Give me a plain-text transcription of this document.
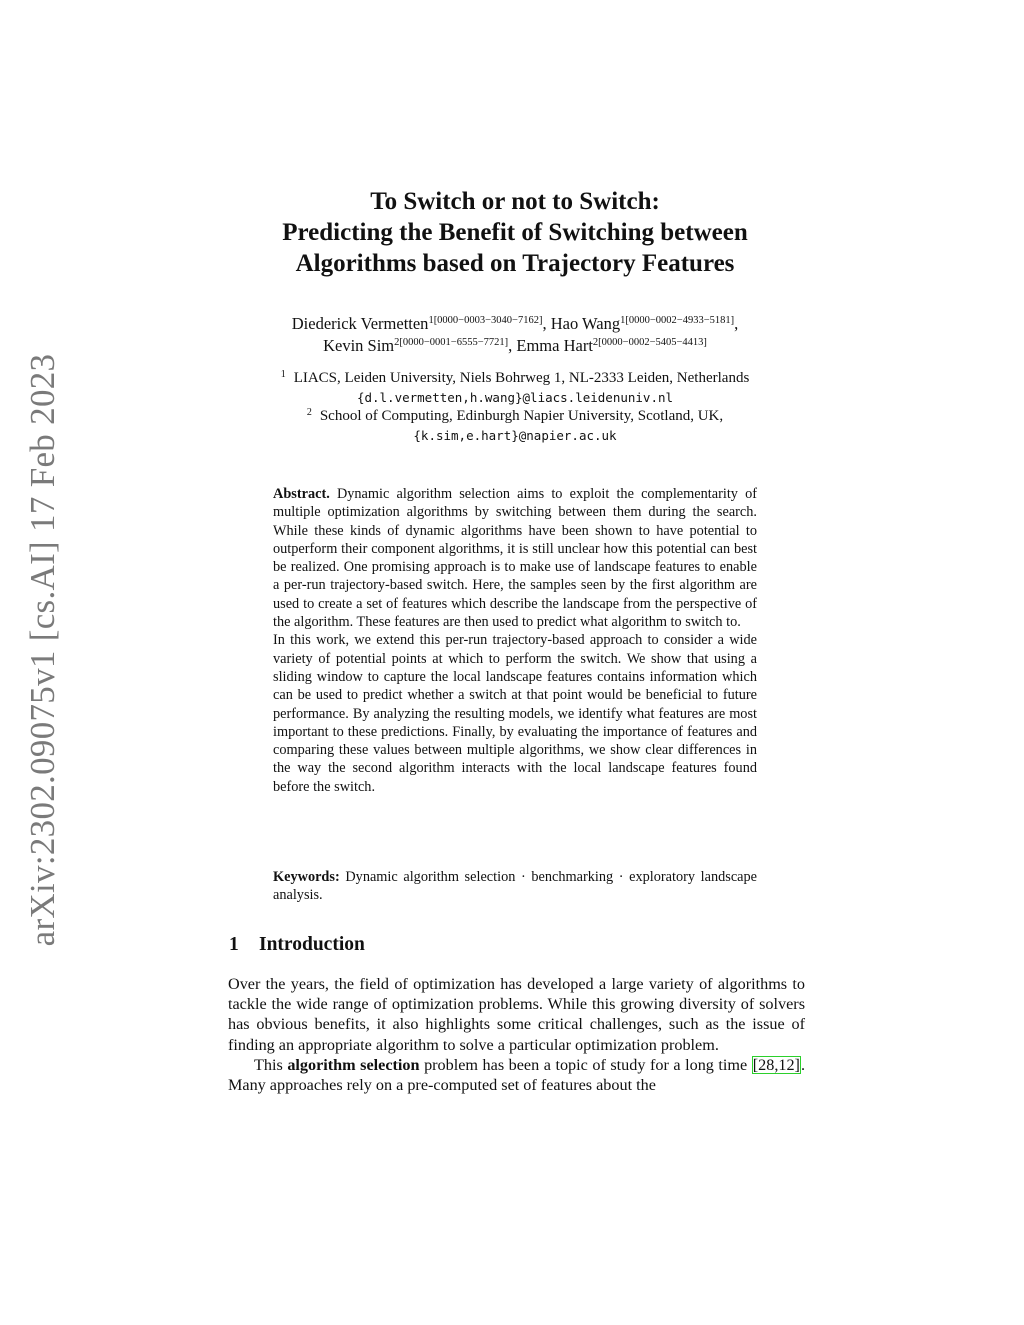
arXiv:2302.09075v1 [cs.AI] 17 Feb 2023
To Switch or not to Switch:
Predicting the Benefit of Switching between
Algorithms based on Trajectory Features
Diederick Vermetten$^{1[0000-0003-3040-7162]}$, Hao Wang$^{1[0000-0002-4933-5181]}$,
Kevin Sim$^{2[0000-0001-6555-7721]}$, Emma Hart$^{2[0000-0002-5405-4413]}$
$^1$ LIACS, Leiden University, Niels Bohrweg 1, NL-2333 Leiden, Netherlands
{d.l.vermetten,h.wang}@liacs.leidenuniv.nl
$^2$ School of Computing, Edinburgh Napier University, Scotland, UK,
{k.sim,e.hart}@napier.ac.uk

Abstract. Dynamic algorithm selection aims to exploit the complementarity of multiple optimization algorithms by switching between them during the search. While these kinds of dynamic algorithms have been shown to have potential to outperform their component algorithms, it is still unclear how this potential can best be realized. One promising approach is to make use of landscape features to enable a per-run trajectory-based switch. Here, the samples seen by the first algorithm are used to create a set of features which describe the landscape from the perspective of the algorithm. These features are then used to predict what algorithm to switch to.

In this work, we extend this per-run trajectory-based approach to consider a wide variety of potential points at which to perform the switch. We show that using a sliding window to capture the local landscape features contains information which can be used to predict whether a switch at that point would be beneficial to future performance. By analyzing the resulting models, we identify what features are most important to these predictions. Finally, by evaluating the importance of features and comparing these values between multiple algorithms, we show clear differences in the way the second algorithm interacts with the local landscape features found before the switch.

Keywords: Dynamic algorithm selection · benchmarking · exploratory landscape analysis.
1 Introduction

Over the years, the field of optimization has developed a large variety of algorithms to tackle the wide range of optimization problems. While this growing diversity of solvers has obvious benefits, it also highlights some critical challenges, such as the issue of finding an appropriate algorithm to solve a particular optimization problem.

This algorithm selection problem has been a topic of study for a long time [28,12]. Many approaches rely on a pre-computed set of features about the
